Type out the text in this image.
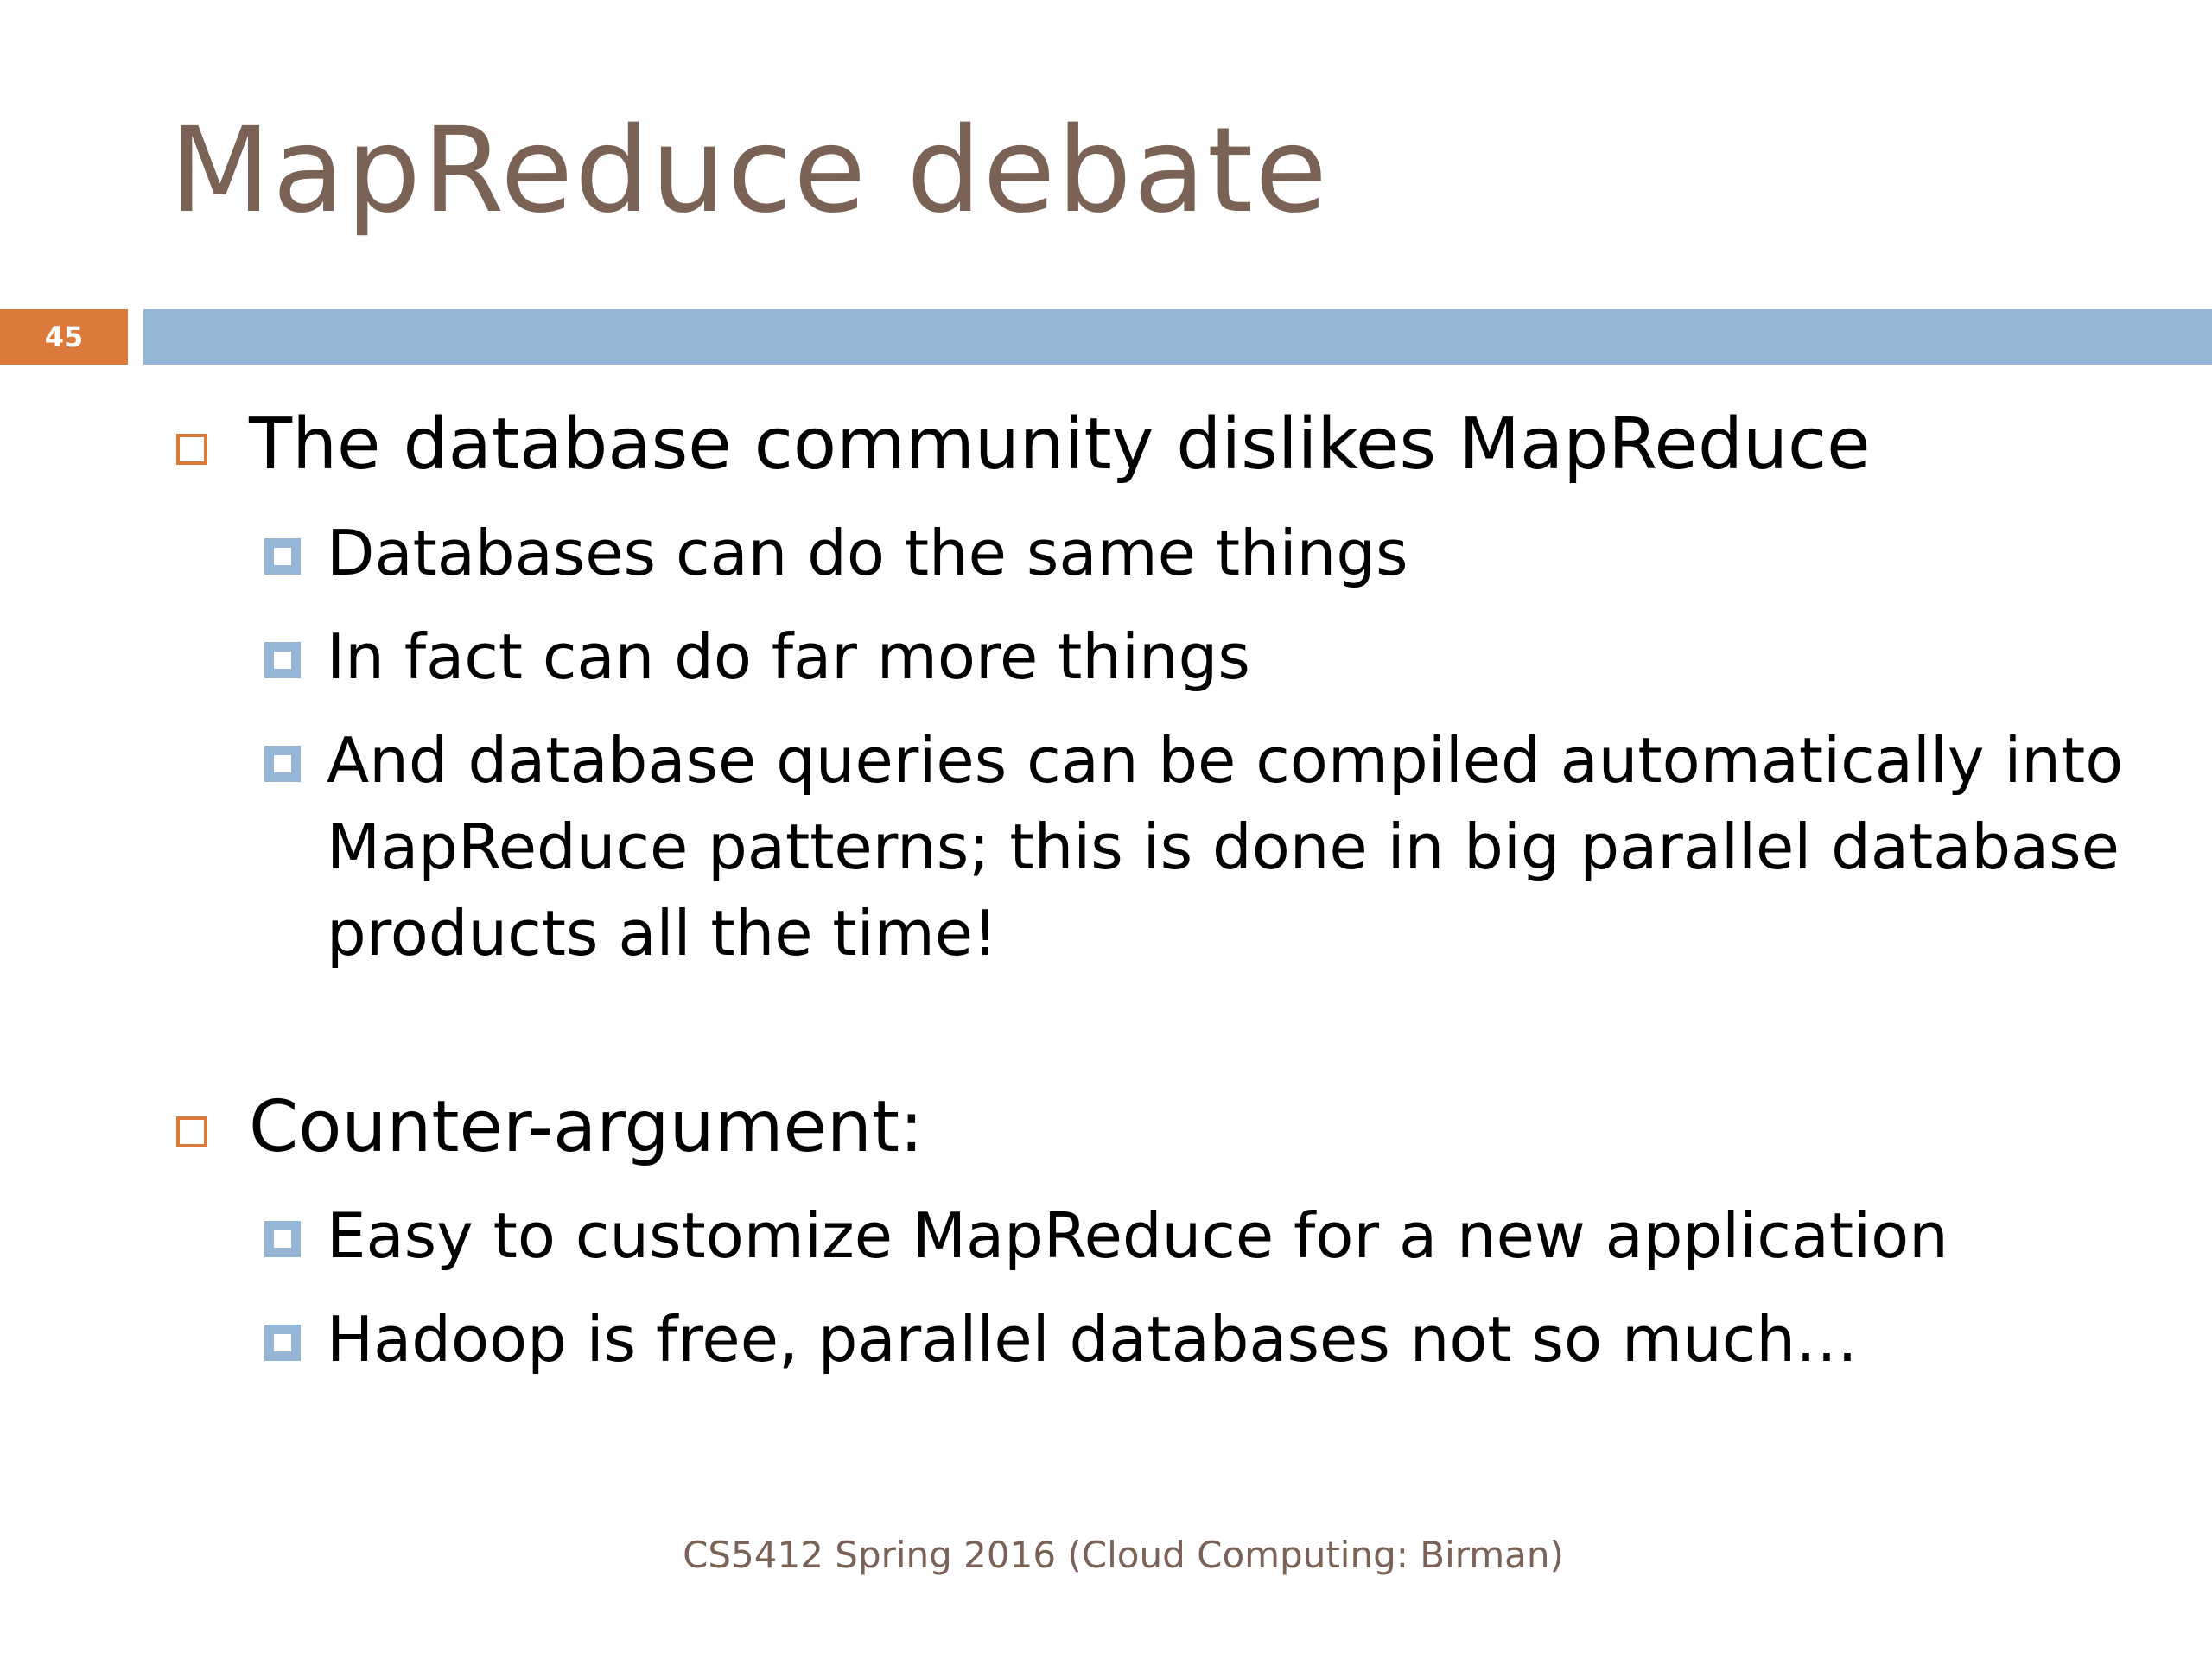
MapReduce debate
45
The database community dislikes MapReduce
Databases can do the same things
In fact can do far more things
And database queries can be compiled automatically into MapReduce patterns; this is done in big parallel database products all the time!
Counter-argument:
Easy to customize MapReduce for a new application
Hadoop is free, parallel databases not so much…
CS5412 Spring 2016 (Cloud Computing: Birman)
